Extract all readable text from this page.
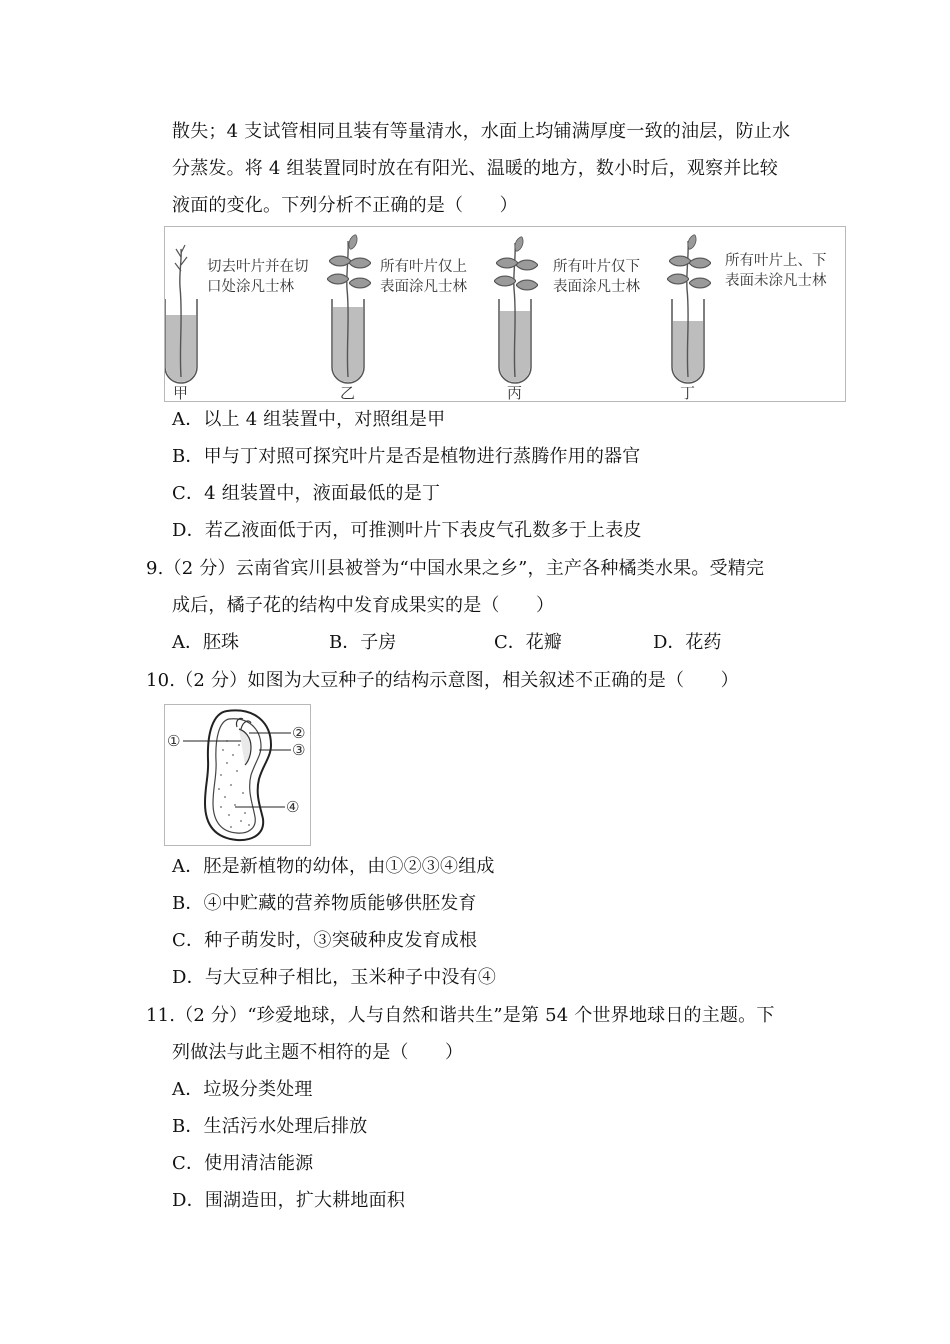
散失；4 支试管相同且装有等量清水，水面上均铺满厚度一致的油层，防止水
分蒸发。将 4 组装置同时放在有阳光、温暖的地方，数小时后，观察并比较
液面的变化。下列分析不正确的是（　　）
甲
切去叶片并在切
口处涂凡士林
乙
所有叶片仅上
表面涂凡士林
丙
所有叶片仅下
表面涂凡士林
丁
所有叶片上、下
表面未涂凡士林
A．以上 4 组装置中，对照组是甲
B．甲与丁对照可探究叶片是否是植物进行蒸腾作用的器官
C．4 组装置中，液面最低的是丁
D．若乙液面低于丙，可推测叶片下表皮气孔数多于上表皮
9.（2 分）云南省宾川县被誉为“中国水果之乡”，主产各种橘类水果。受精完
成后，橘子花的结构中发育成果实的是（　　）
A．胚珠	B．子房	C．花瓣	D．花药
10.（2 分）如图为大豆种子的结构示意图，相关叙述不正确的是（　　）
①	②
③
④
A．胚是新植物的幼体，由①②③④组成
B．④中贮藏的营养物质能够供胚发育
C．种子萌发时，③突破种皮发育成根
D．与大豆种子相比，玉米种子中没有④
11.（2 分）“珍爱地球，人与自然和谐共生”是第 54 个世界地球日的主题。下
列做法与此主题不相符的是（　　）
A．垃圾分类处理
B．生活污水处理后排放
C．使用清洁能源
D．围湖造田，扩大耕地面积
